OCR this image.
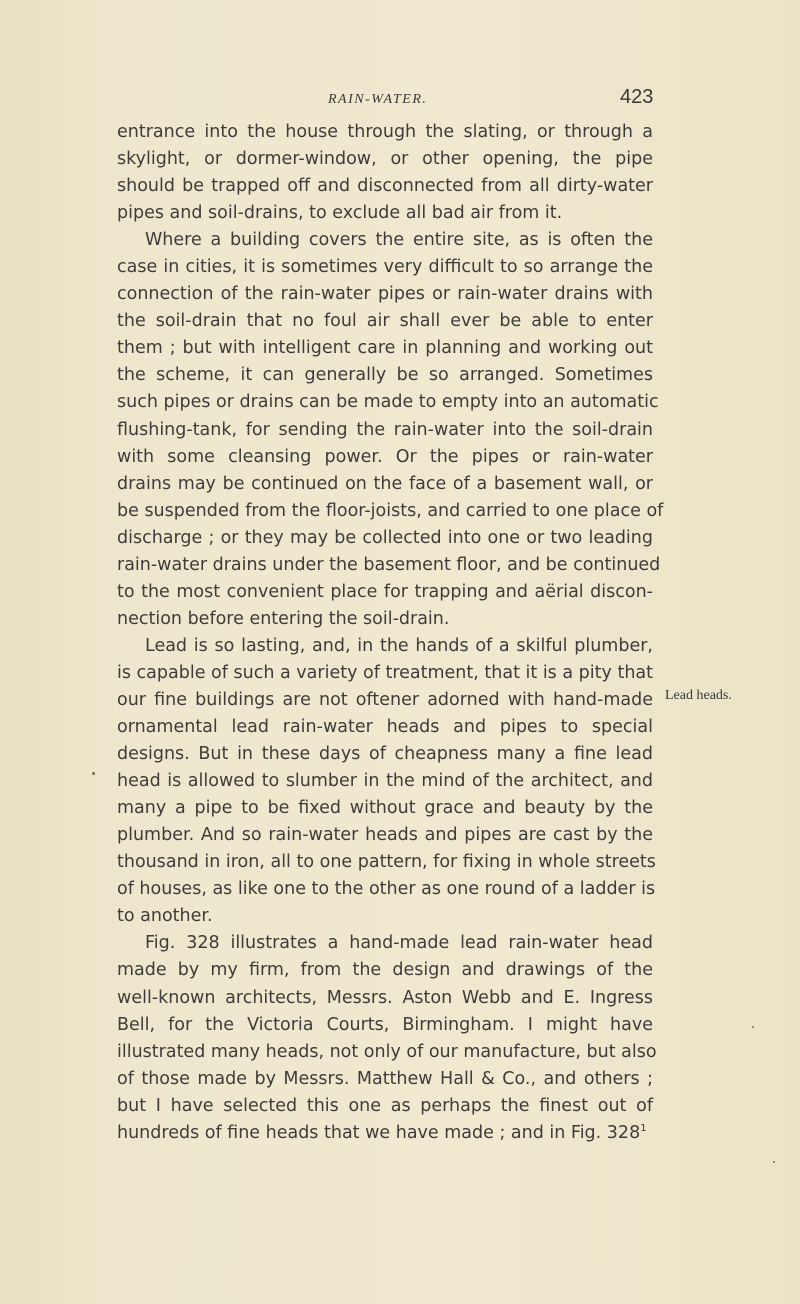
RAIN-WATER.	423
entrance into the house through the slating, or through a
skylight, or dormer-window, or other opening, the pipe
should be trapped off and disconnected from all dirty-water
pipes and soil-drains, to exclude all bad air from it.
Where a building covers the entire site, as is often the
case in cities, it is sometimes very difficult to so arrange the
connection of the rain-water pipes or rain-water drains with
the soil-drain that no foul air shall ever be able to enter
them ; but with intelligent care in planning and working out
the scheme, it can generally be so arranged. Sometimes
such pipes or drains can be made to empty into an automatic
flushing-tank, for sending the rain-water into the soil-drain
with some cleansing power. Or the pipes or rain-water
drains may be continued on the face of a basement wall, or
be suspended from the floor-joists, and carried to one place of
discharge ; or they may be collected into one or two leading
rain-water drains under the basement floor, and be continued
to the most convenient place for trapping and aërial discon-
nection before entering the soil-drain.
Lead is so lasting, and, in the hands of a skilful plumber,
is capable of such a variety of treatment, that it is a pity that
our fine buildings are not oftener adorned with hand-made
ornamental lead rain-water heads and pipes to special
designs. But in these days of cheapness many a fine lead
head is allowed to slumber in the mind of the architect, and
many a pipe to be fixed without grace and beauty by the
plumber. And so rain-water heads and pipes are cast by the
thousand in iron, all to one pattern, for fixing in whole streets
of houses, as like one to the other as one round of a ladder is
to another.
Fig. 328 illustrates a hand-made lead rain-water head
made by my firm, from the design and drawings of the
well-known architects, Messrs. Aston Webb and E. Ingress
Bell, for the Victoria Courts, Birmingham. I might have
illustrated many heads, not only of our manufacture, but also
of those made by Messrs. Matthew Hall & Co., and others ;
but I have selected this one as perhaps the finest out of
hundreds of fine heads that we have made ; and in Fig. $328^1$
Lead heads.
